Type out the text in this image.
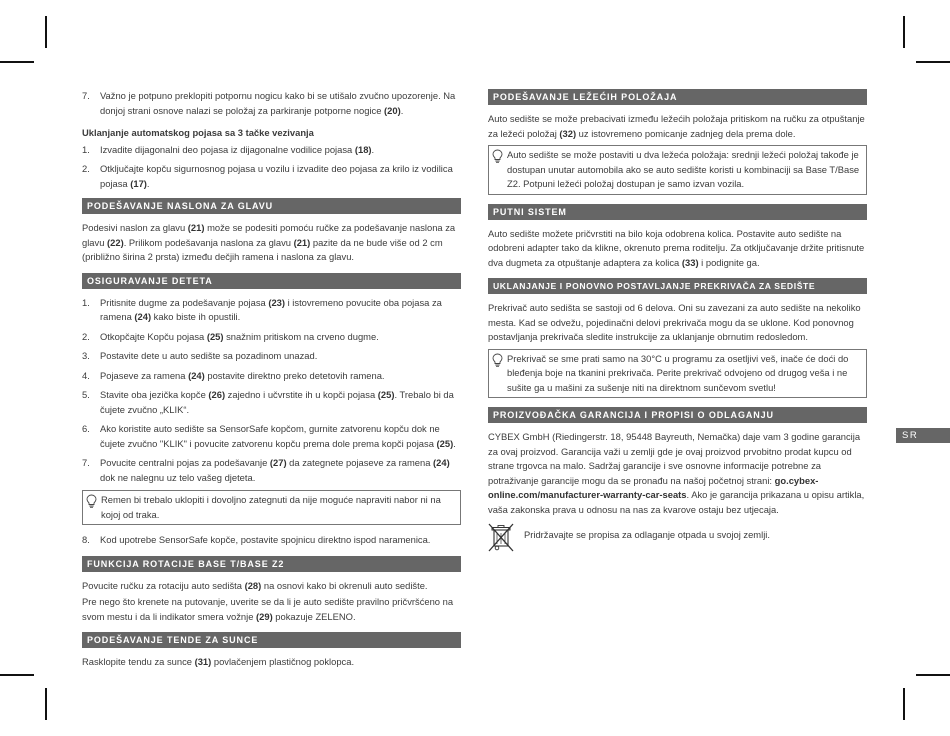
7. Važno je potpuno preklopiti potpornu nogicu kako bi se utišalo zvučno upozorenje. Na donjoj strani osnove nalazi se položaj za parkiranje potporne nogice (20).
Uklanjanje automatskog pojasa sa 3 tačke vezivanja
1. Izvadite dijagonalni deo pojasa iz dijagonalne vodilice pojasa (18).
2. Otključajte kopču sigurnosnog pojasa u vozilu i izvadite deo pojasa za krilo iz vodilica pojasa (17).
PODEŠAVANJE NASLONA ZA GLAVU
Podesivi naslon za glavu (21) može se podesiti pomoću ručke za podešavanje naslona za glavu (22). Prilikom podešavanja naslona za glavu (21) pazite da ne bude više od 2 cm (približno širina 2 prsta) između dečjih ramena i naslona za glavu.
OSIGURAVANJE DETETA
1. Pritisnite dugme za podešavanje pojasa (23) i istovremeno povucite oba pojasa za ramena (24) kako biste ih opustili.
2. Otkopčajte Kopču pojasa (25) snažnim pritiskom na crveno dugme.
3. Postavite dete u auto sedište sa pozadinom unazad.
4. Pojaseve za ramena (24) postavite direktno preko detetovih ramena.
5. Stavite oba jezička kopče (26) zajedno i učvrstite ih u kopči pojasa (25). Trebalo bi da čujete zvučno „KLIK“.
6. Ako koristite auto sedište sa SensorSafe kopčom, gurnite zatvorenu kopču dok ne čujete zvučno "KLIK" i povucite zatvorenu kopču prema dole prema kopči pojasa (25).
7. Povucite centralni pojas za podešavanje (27) da zategnete pojaseve za ramena (24) dok ne nalegnu uz telo vašeg djeteta.
Remen bi trebalo uklopiti i dovoljno zategnuti da nije moguće napraviti nabor ni na kojoj od traka.
8. Kod upotrebe SensorSafe kopče, postavite spojnicu direktno ispod naramenica.
FUNKCIJA ROTACIJE BASE T/BASE Z2
Povucite ručku za rotaciju auto sedišta (28) na osnovi kako bi okrenuli auto sedište.
Pre nego što krenete na putovanje, uverite se da li je auto sedište pravilno pričvršćeno na svom mestu i da li indikator smera vožnje (29) pokazuje ZELENO.
PODEŠAVANJE TENDE ZA SUNCE
Rasklopite tendu za sunce (31) povlačenjem plastičnog poklopca.
PODEŠAVANJE LEŽEĆIH POLOŽAJA
Auto sedište se može prebacivati između ležećih položaja pritiskom na ručku za otpuštanje za ležeći položaj (32) uz istovremeno pomicanje zadnjeg dela prema dole.
Auto sedište se može postaviti u dva ležeća položaja: srednji ležeći položaj takođe je dostupan unutar automobila ako se auto sedište koristi u kombinaciji sa Base T/Base Z2. Potpuni ležeći položaj dostupan je samo izvan vozila.
PUTNI SISTEM
Auto sedište možete pričvrstiti na bilo koja odobrena kolica. Postavite auto sedište na odobreni adapter tako da klikne, okrenuto prema roditelju. Za otključavanje držite pritisnute dva dugmeta za otpuštanje adaptera za kolica (33) i podignite ga.
UKLANJANJE I PONOVNO POSTAVLJANJE PREKRIVAČA ZA SEDIŠTE
Prekrivač auto sedišta se sastoji od 6 delova. Oni su zavezani za auto sedište na nekoliko mesta. Kad se odvežu, pojedinačni delovi prekrivača mogu da se uklone. Kod ponovnog postavljanja prekrivača sledite instrukcije za uklanjanje obrnutim redosledom.
Prekrivač se sme prati samo na 30°C u programu za osetljivi veš, inače će doći do bleđenja boje na tkanini prekrivača. Perite prekrivač odvojeno od drugog veša i ne sušite ga u mašini za sušenje niti na direktnom sunčevom svetlu!
PROIZVOĐAČKA GARANCIJA I PROPISI O ODLAGANJU
CYBEX GmbH (Riedingerstr. 18, 95448 Bayreuth, Nemačka) daje vam 3 godine garancija za ovaj proizvod. Garancija važi u zemlji gde je ovaj proizvod prvobitno prodat kupcu od strane trgovca na malo. Sadržaj garancije i sve osnovne informacije potrebne za potraživanje garancije mogu da se pronađu na našoj početnoj strani: go.cybex-online.com/manufacturer-warranty-car-seats. Ako je garancija prikazana u opisu artikla, vaša zakonska prava u odnosu na nas za kvarove ostaju bez utjecaja.
Pridržavajte se propisa za odlaganje otpada u svojoj zemlji.
SR
